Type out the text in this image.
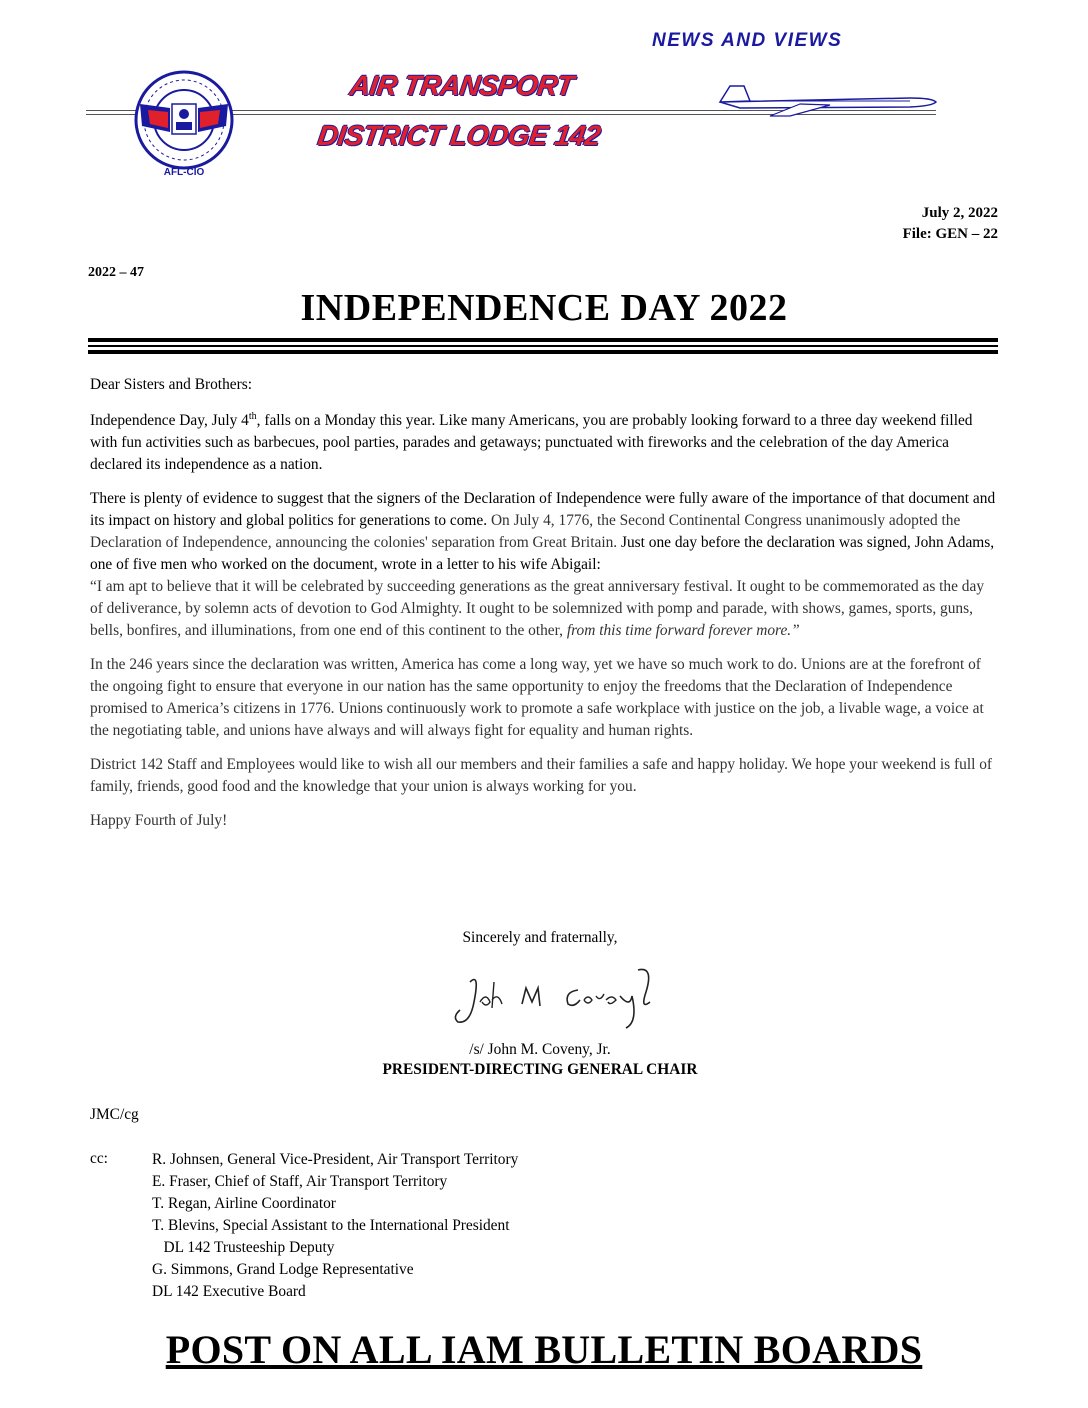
NEWS AND VIEWS
AFL-CIO
AIR TRANSPORT
DISTRICT LODGE 142
July 2, 2022
File: GEN – 22
2022 – 47
INDEPENDENCE DAY 2022

Dear Sisters and Brothers:

Independence Day, July 4th, falls on a Monday this year. Like many Americans, you are probably looking forward to a three day weekend filled with fun activities such as barbecues, pool parties, parades and getaways; punctuated with fireworks and the celebration of the day America declared its independence as a nation.

There is plenty of evidence to suggest that the signers of the Declaration of Independence were fully aware of the importance of that document and its impact on history and global politics for generations to come. On July 4, 1776, the Second Continental Congress unanimously adopted the Declaration of Independence, announcing the colonies' separation from Great Britain. Just one day before the declaration was signed, John Adams, one of five men who worked on the document, wrote in a letter to his wife Abigail:

“I am apt to believe that it will be celebrated by succeeding generations as the great anniversary festival. It ought to be commemorated as the day of deliverance, by solemn acts of devotion to God Almighty. It ought to be solemnized with pomp and parade, with shows, games, sports, guns, bells, bonfires, and illuminations, from one end of this continent to the other, from this time forward forever more.”

In the 246 years since the declaration was written, America has come a long way, yet we have so much work to do. Unions are at the forefront of the ongoing fight to ensure that everyone in our nation has the same opportunity to enjoy the freedoms that the Declaration of Independence promised to America’s citizens in 1776. Unions continuously work to promote a safe workplace with justice on the job, a livable wage, a voice at the negotiating table, and unions have always and will always fight for equality and human rights.

District 142 Staff and Employees would like to wish all our members and their families a safe and happy holiday. We hope your weekend is full of family, friends, good food and the knowledge that your union is always working for you.

Happy Fourth of July!

Sincerely and fraternally,
/s/ John M. Coveny, Jr.
PRESIDENT-DIRECTING GENERAL CHAIR
JMC/cg
cc:	R. Johnsen, General Vice-President, Air Transport Territory
E. Fraser, Chief of Staff, Air Transport Territory
T. Regan, Airline Coordinator
T. Blevins, Special Assistant to the International President
DL 142 Trusteeship Deputy
G. Simmons, Grand Lodge Representative
DL 142 Executive Board
POST ON ALL IAM BULLETIN BOARDS
